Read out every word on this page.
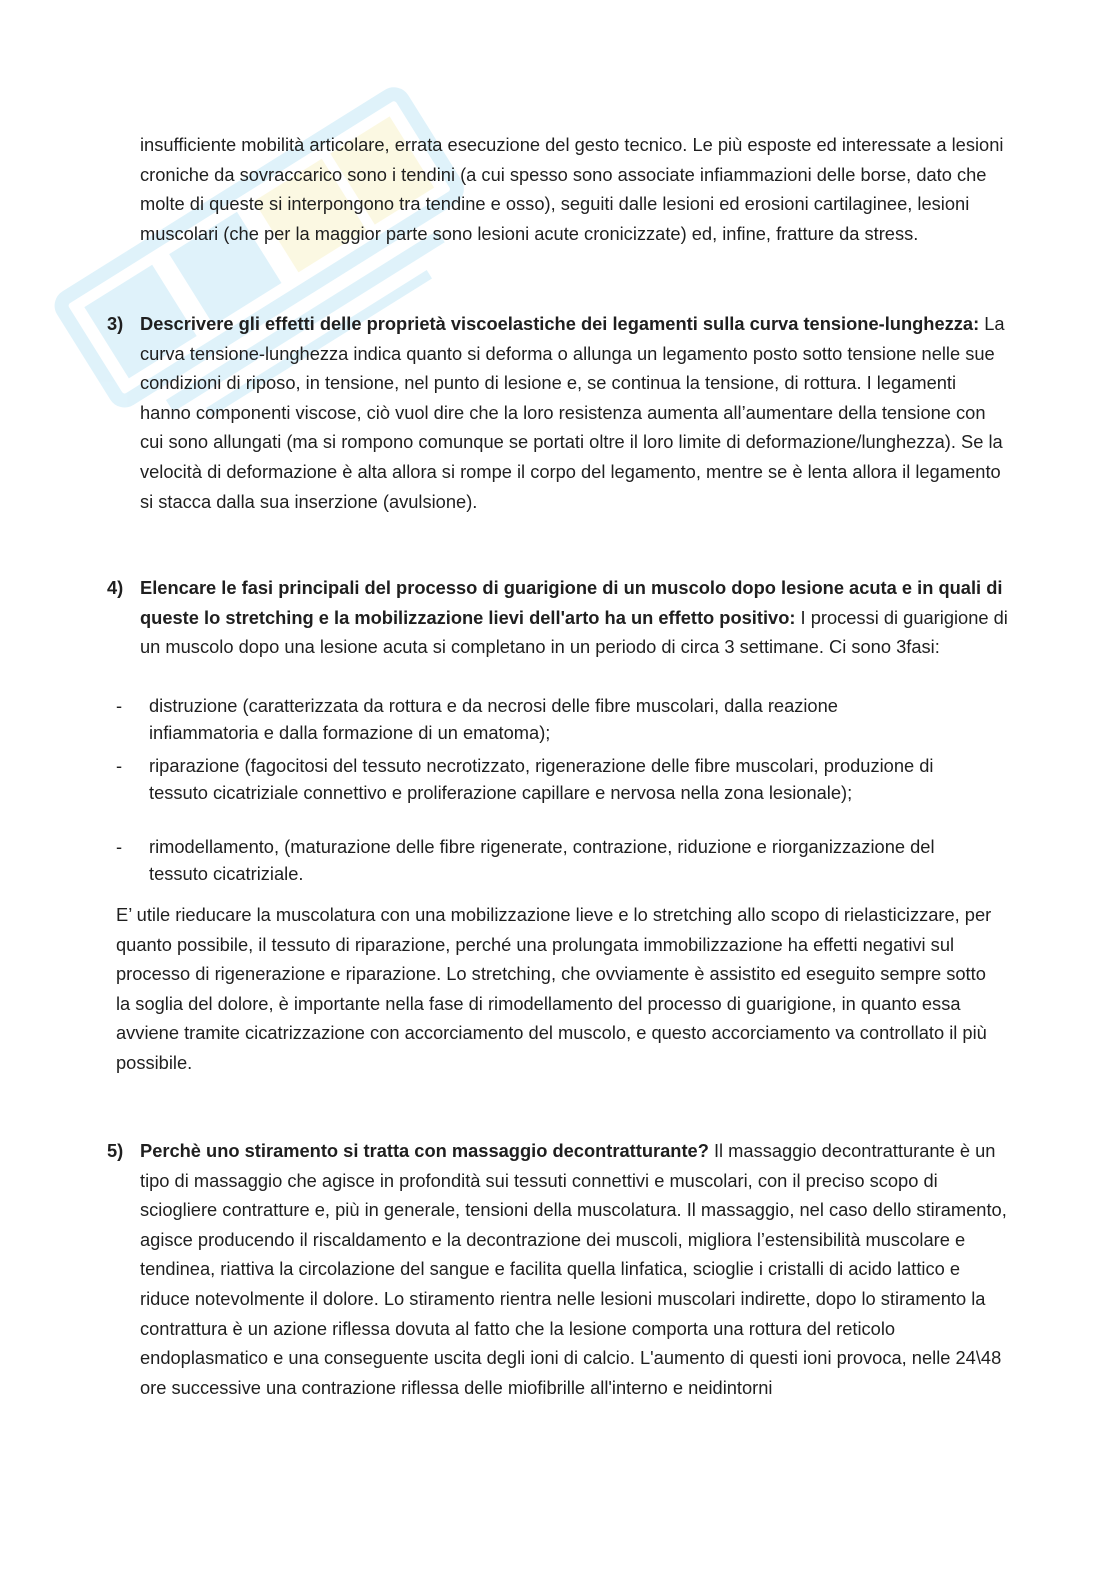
insufficiente mobilità articolare, errata esecuzione del gesto tecnico. Le più esposte ed interessate a lesioni croniche da sovraccarico sono i tendini (a cui spesso sono associate infiammazioni delle borse, dato che molte di queste si interpongono tra tendine e osso), seguiti dalle lesioni ed erosioni cartilaginee, lesioni muscolari (che per la maggior parte sono lesioni acute cronicizzate) ed, infine, fratture da stress.

3) Descrivere gli effetti delle proprietà viscoelastiche dei legamenti sulla curva tensione-lunghezza: La curva tensione-lunghezza indica quanto si deforma o allunga un legamento posto sotto tensione nelle sue condizioni di riposo, in tensione, nel punto di lesione e, se continua la tensione, di rottura. I legamenti hanno componenti viscose, ciò vuol dire che la loro resistenza aumenta all’aumentare della tensione con cui sono allungati (ma si rompono comunque se portati oltre il loro limite di deformazione/lunghezza). Se la velocità di deformazione è alta allora si rompe il corpo del legamento, mentre se è lenta allora il legamento si stacca dalla sua inserzione (avulsione).

4) Elencare le fasi principali del processo di guarigione di un muscolo dopo lesione acuta e in quali di queste lo stretching e la mobilizzazione lievi dell'arto ha un effetto positivo: I processi di guarigione di un muscolo dopo una lesione acuta si completano in un periodo di circa 3 settimane. Ci sono 3fasi:

- distruzione (caratterizzata da rottura e da necrosi delle fibre muscolari, dalla reazione infiammatoria e dalla formazione di un ematoma);

- riparazione (fagocitosi del tessuto necrotizzato, rigenerazione delle fibre muscolari, produzione di tessuto cicatriziale connettivo e proliferazione capillare e nervosa nella zona lesionale);

- rimodellamento, (maturazione delle fibre rigenerate, contrazione, riduzione e riorganizzazione del tessuto cicatriziale.

E’ utile rieducare la muscolatura con una mobilizzazione lieve e lo stretching allo scopo di rielasticizzare, per quanto possibile, il tessuto di riparazione, perché una prolungata immobilizzazione ha effetti negativi sul processo di rigenerazione e riparazione. Lo stretching, che ovviamente è assistito ed eseguito sempre sotto la soglia del dolore, è importante nella fase di rimodellamento del processo di guarigione, in quanto essa avviene tramite cicatrizzazione con accorciamento del muscolo, e questo accorciamento va controllato il più possibile.

5) Perchè uno stiramento si tratta con massaggio decontratturante? Il massaggio decontratturante è un tipo di massaggio che agisce in profondità sui tessuti connettivi e muscolari, con il preciso scopo di sciogliere contratture e, più in generale, tensioni della muscolatura. Il massaggio, nel caso dello stiramento, agisce producendo il riscaldamento e la decontrazione dei muscoli, migliora l’estensibilità muscolare e tendinea, riattiva la circolazione del sangue e facilita quella linfatica, scioglie i cristalli di acido lattico e riduce notevolmente il dolore. Lo stiramento rientra nelle lesioni muscolari indirette, dopo lo stiramento la contrattura è un azione riflessa dovuta al fatto che la lesione comporta una rottura del reticolo endoplasmatico e una conseguente uscita degli ioni di calcio. L'aumento di questi ioni provoca, nelle 24\48 ore successive una contrazione riflessa delle miofibrille all'interno e neidintorni
